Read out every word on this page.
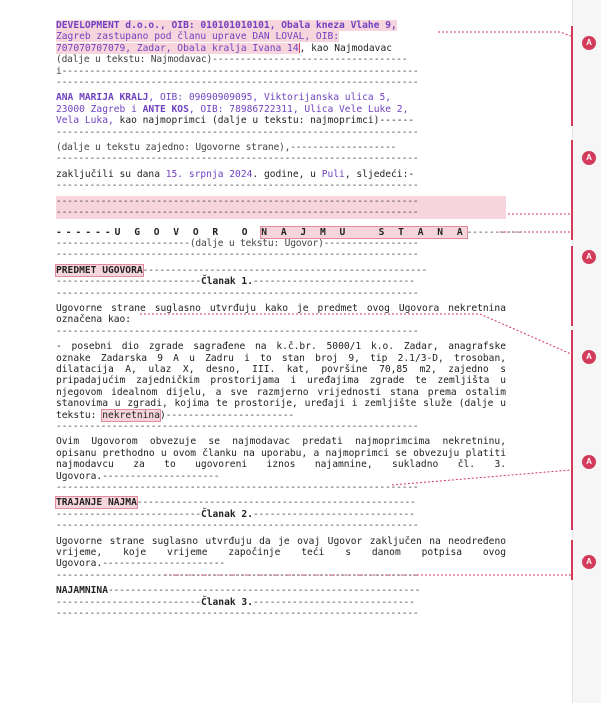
DEVELOPMENT d.o.o., OIB: 010101010101, Obala kneza Vlahe 9,
Zagreb zastupano pod članu uprave DAN LOVAL, OIB:
707070707079, Zadar, Obala kralja Ivana 14, kao Najmodavac
(dalje u tekstu: Najmodavac)-----------------------------------
i----------------------------------------------------------------
-----------------------------------------------------------------
ANA MARIJA KRALJ, OIB: 09090909095, Viktorijanska ulica 5,
23000 Zagreb i ANTE KOS, OIB: 78986722311, Ulica Vele Luke 2,
Vela Luka, kao najmoprimci (dalje u tekstu: najmoprimci)------
-----------------------------------------------------------------
(dalje u tekstu zajedno: Ugovorne strane),-------------------
-----------------------------------------------------------------
zaključili su dana 15. srpnja 2024. godine, u Puli, sljedeći:-
-----------------------------------------------------------------
-----------------------------------------------------------------
-----------------------------------------------------------------
------U G O V O R  O N A J M U   S T A N A----------
------------------------(dalje u tekstu: Ugovor)-----------------
-----------------------------------------------------------------
PREDMET UGOVORA---------------------------------------------------
--------------------------Članak 1.-----------------------------
-----------------------------------------------------------------
Ugovorne strane suglasno utvrđuju kako je predmet ovog Ugovora nekretnina označena kao:
-----------------------------------------------------------------
- posebni dio zgrade sagrađene na k.č.br. 5000/1 k.o. Zadar, anagrafske oznake Zadarska 9 A u Zadru i to stan broj 9, tip 2.1/3-D, trosoban, dilatacija A, ulaz X, desno, III. kat, površine 70,85 m2, zajedno s pripadajućim zajedničkim prostorijama i uređajima zgrade te zemljišta u njegovom idealnom dijelu, a sve razmjerno vrijednosti stana prema ostalim stanovima u zgradi, kojima te prostorije, uređaji i zemljište služe (dalje u tekstu: nekretnina)-----------------------
-----------------------------------------------------------------
Ovim Ugovorom obvezuje se najmodavac predati najmoprimcima nekretninu, opisanu prethodno u ovom članku na uporabu, a najmoprimci se obvezuju platiti najmodavcu za to ugovoreni iznos najamnine, sukladno čl. 3. Ugovora.---------------------
-----------------------------------------------------------------
TRAJANJE NAJMA--------------------------------------------------
--------------------------Članak 2.-----------------------------
-----------------------------------------------------------------
Ugovorne strane suglasno utvrđuju da je ovaj Ugovor zaključen na neodređeno vrijeme, koje vrijeme započinje teći s danom potpisa ovog Ugovora.----------------------
-----------------------------------------------------------------
NAJAMNINA--------------------------------------------------------
--------------------------Članak 3.-----------------------------
-----------------------------------------------------------------
A
A
A
A
A
A
